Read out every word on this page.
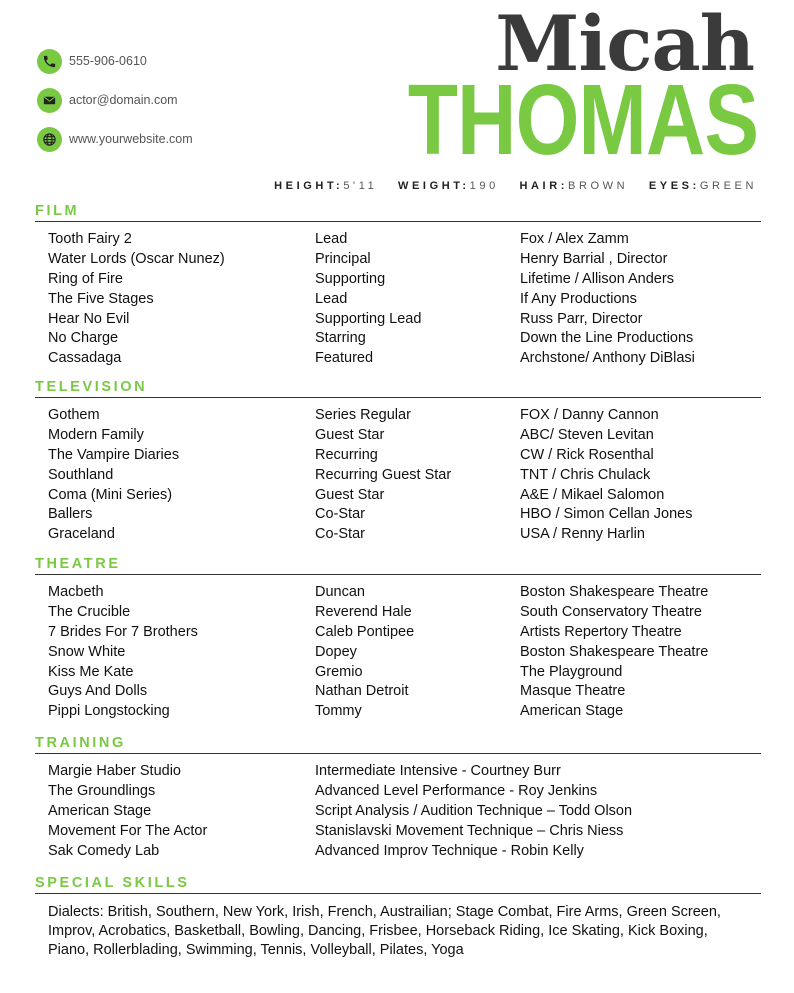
555-906-0610
actor@domain.com
www.yourwebsite.com
Micah
THOMAS
HEIGHT:5'11 WEIGHT:190 HAIR:BROWN EYES:GREEN
FILM
Tooth Fairy 2	Lead	Fox / Alex Zamm
Water Lords (Oscar Nunez)	Principal	Henry Barrial , Director
Ring of Fire	Supporting	Lifetime / Allison Anders
The Five Stages	Lead	If Any Productions
Hear No Evil	Supporting Lead	Russ Parr, Director
No Charge	Starring	Down the Line Productions
Cassadaga	Featured	Archstone/ Anthony DiBlasi
TELEVISION
Gothem	Series Regular	FOX / Danny Cannon
Modern Family	Guest Star	ABC/ Steven Levitan
The Vampire Diaries	Recurring	CW / Rick Rosenthal
Southland	Recurring Guest Star	TNT / Chris Chulack
Coma (Mini Series)	Guest Star	A&E / Mikael Salomon
Ballers	Co-Star	HBO / Simon Cellan Jones
Graceland	Co-Star	USA / Renny Harlin
THEATRE
Macbeth	Duncan	Boston Shakespeare Theatre
The Crucible	Reverend Hale	South Conservatory Theatre
7 Brides For 7 Brothers	Caleb Pontipee	Artists Repertory Theatre
Snow White	Dopey	Boston Shakespeare Theatre
Kiss Me Kate	Gremio	The Playground
Guys And Dolls	Nathan Detroit	Masque Theatre
Pippi Longstocking	Tommy	American Stage
TRAINING
Margie Haber Studio	Intermediate Intensive - Courtney Burr
The Groundlings	Advanced Level Performance - Roy Jenkins
American Stage	Script Analysis / Audition Technique – Todd Olson
Movement For The Actor	Stanislavski Movement Technique – Chris Niess
Sak Comedy Lab	Advanced Improv Technique - Robin Kelly
SPECIAL SKILLS
Dialects: British, Southern, New York, Irish, French, Austrailian; Stage Combat, Fire Arms, Green Screen,
Improv, Acrobatics, Basketball, Bowling, Dancing, Frisbee, Horseback Riding, Ice Skating, Kick Boxing,
Piano, Rollerblading, Swimming, Tennis, Volleyball, Pilates, Yoga
